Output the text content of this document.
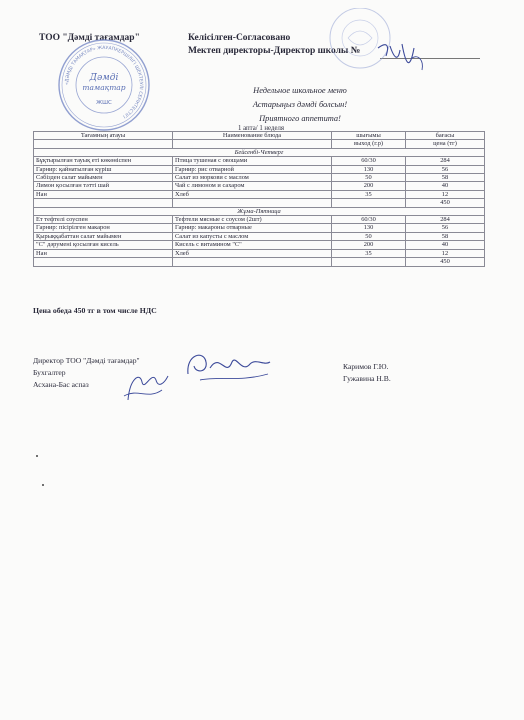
ТОО "Дәмді тағамдар"	Келісілген-Согласовано
Мектеп директоры-Директор школы №
«ДӘМДІ ТАМАҚТАР» ЖАУАПКЕРШІЛІГІ ШЕКТЕУЛІ СЕРІКТЕСТІГІ
Дәмді
тамақтар
ЖШС
Недельное школьное меню
Астарыңыз дәмді болсын!
Приятного аппетита!
1 апта/ 1 неделя
Тағамның атауы	Наименование блюда	шығымы	бағасы
		выход (г.р)	цена (тг)
Бейсенбі-Четверг			
Бұқтырылған тауық еті көкөніспен	Птица тушеная с овощами	60/30	284
Гарнир: қайнатылған күріш	Гарнир: рис отварной	130	56
Сәбізден салат майымен	Салат из моркови с маслом	50	58
Лимон қосылған тәтті шай	Чай с лимоном и сахаром	200	40
Нан	Хлеб	35	12
			450
Жұма-Пятница			
Ет тефтелі соуспен	Тефтели мясные с соусом (2шт)	60/30	284
Гарнир: пісірілген макарон	Гарнир: макароны отварные	130	56
Қырыққабаттан салат майымен	Салат из капусты с маслом	50	58
"С" дәрумені қосылған кисель	Кисель с витамином "С"	200	40
Нан	Хлеб	35	12
			450
Цена обеда 450 тг в том числе НДС
Директор ТОО "Дәмді тағамдар"
Бухгалтер
Асхана-Бас аспаз
Каримов Г.Ю.
Гужавина Н.В.
